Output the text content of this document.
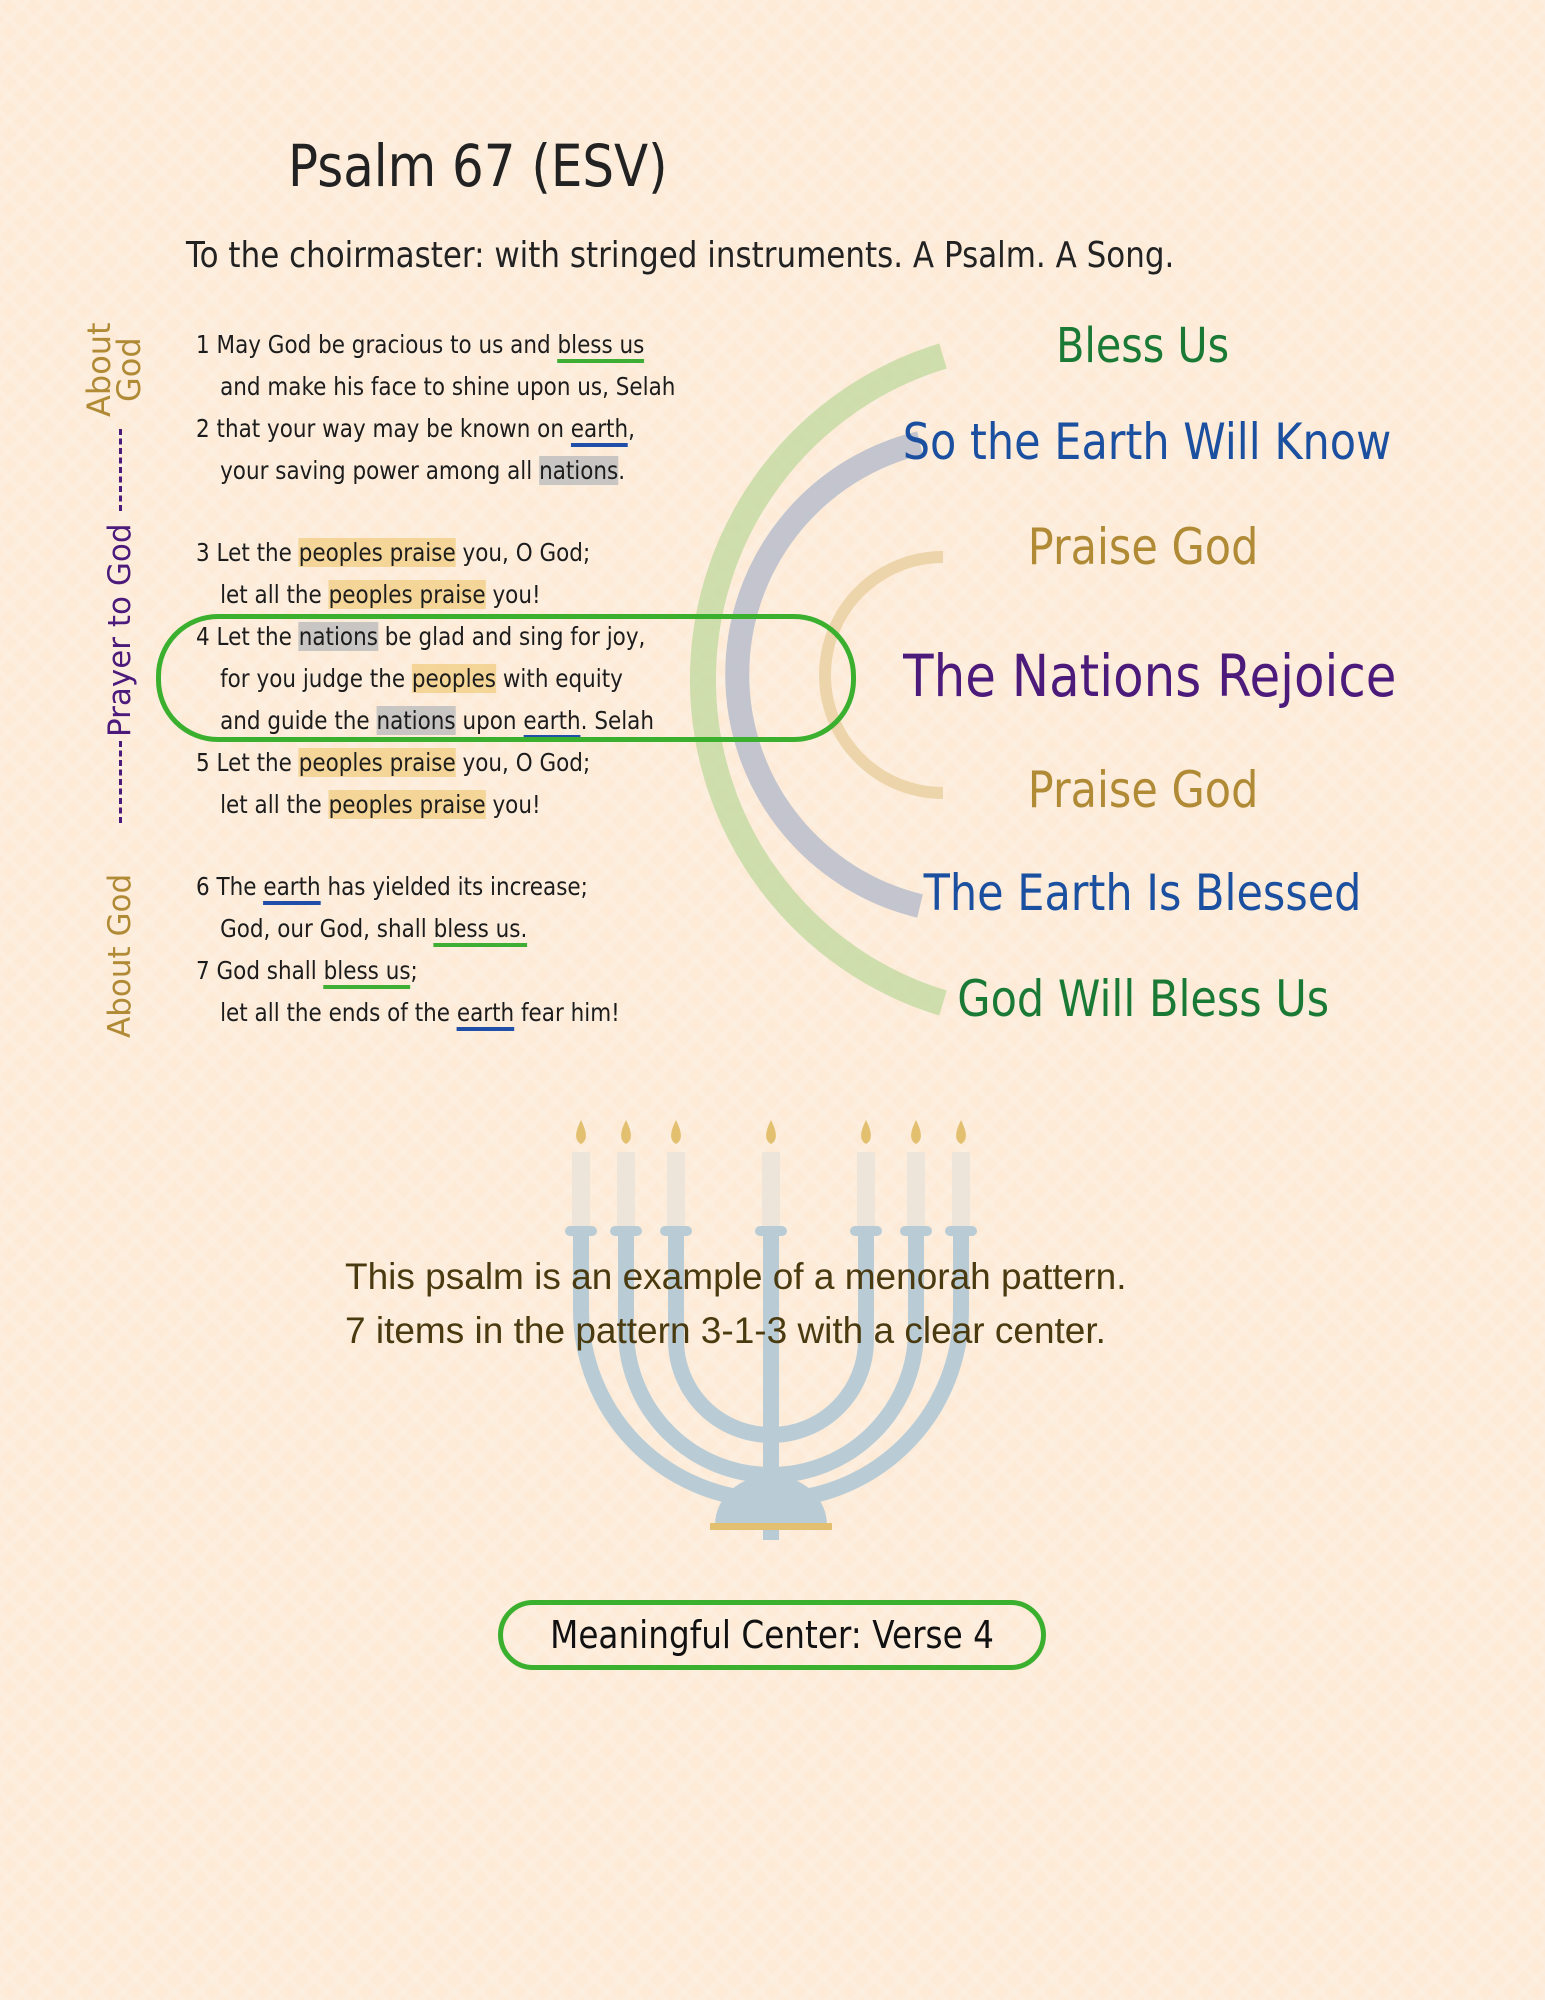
Psalm 67 (ESV)
To the choirmaster: with stringed instruments. A Psalm. A Song.
About God
Prayer to God
About God
1 May God be gracious to us and bless us
and make his face to shine upon us, Selah
2 that your way may be known on earth,
your saving power among all nations.
3 Let the peoples praise you, O God;
let all the peoples praise you!
4 Let the nations be glad and sing for joy,
for you judge the peoples with equity
and guide the nations upon earth. Selah
5 Let the peoples praise you, O God;
let all the peoples praise you!
6 The earth has yielded its increase;
God, our God, shall bless us.
7 God shall bless us;
let all the ends of the earth fear him!
Bless Us
So the Earth Will Know
Praise God
The Nations Rejoice
Praise God
The Earth Is Blessed
God Will Bless Us
This psalm is an example of a menorah pattern.
7 items in the pattern 3-1-3 with a clear center.
Meaningful Center: Verse 4
